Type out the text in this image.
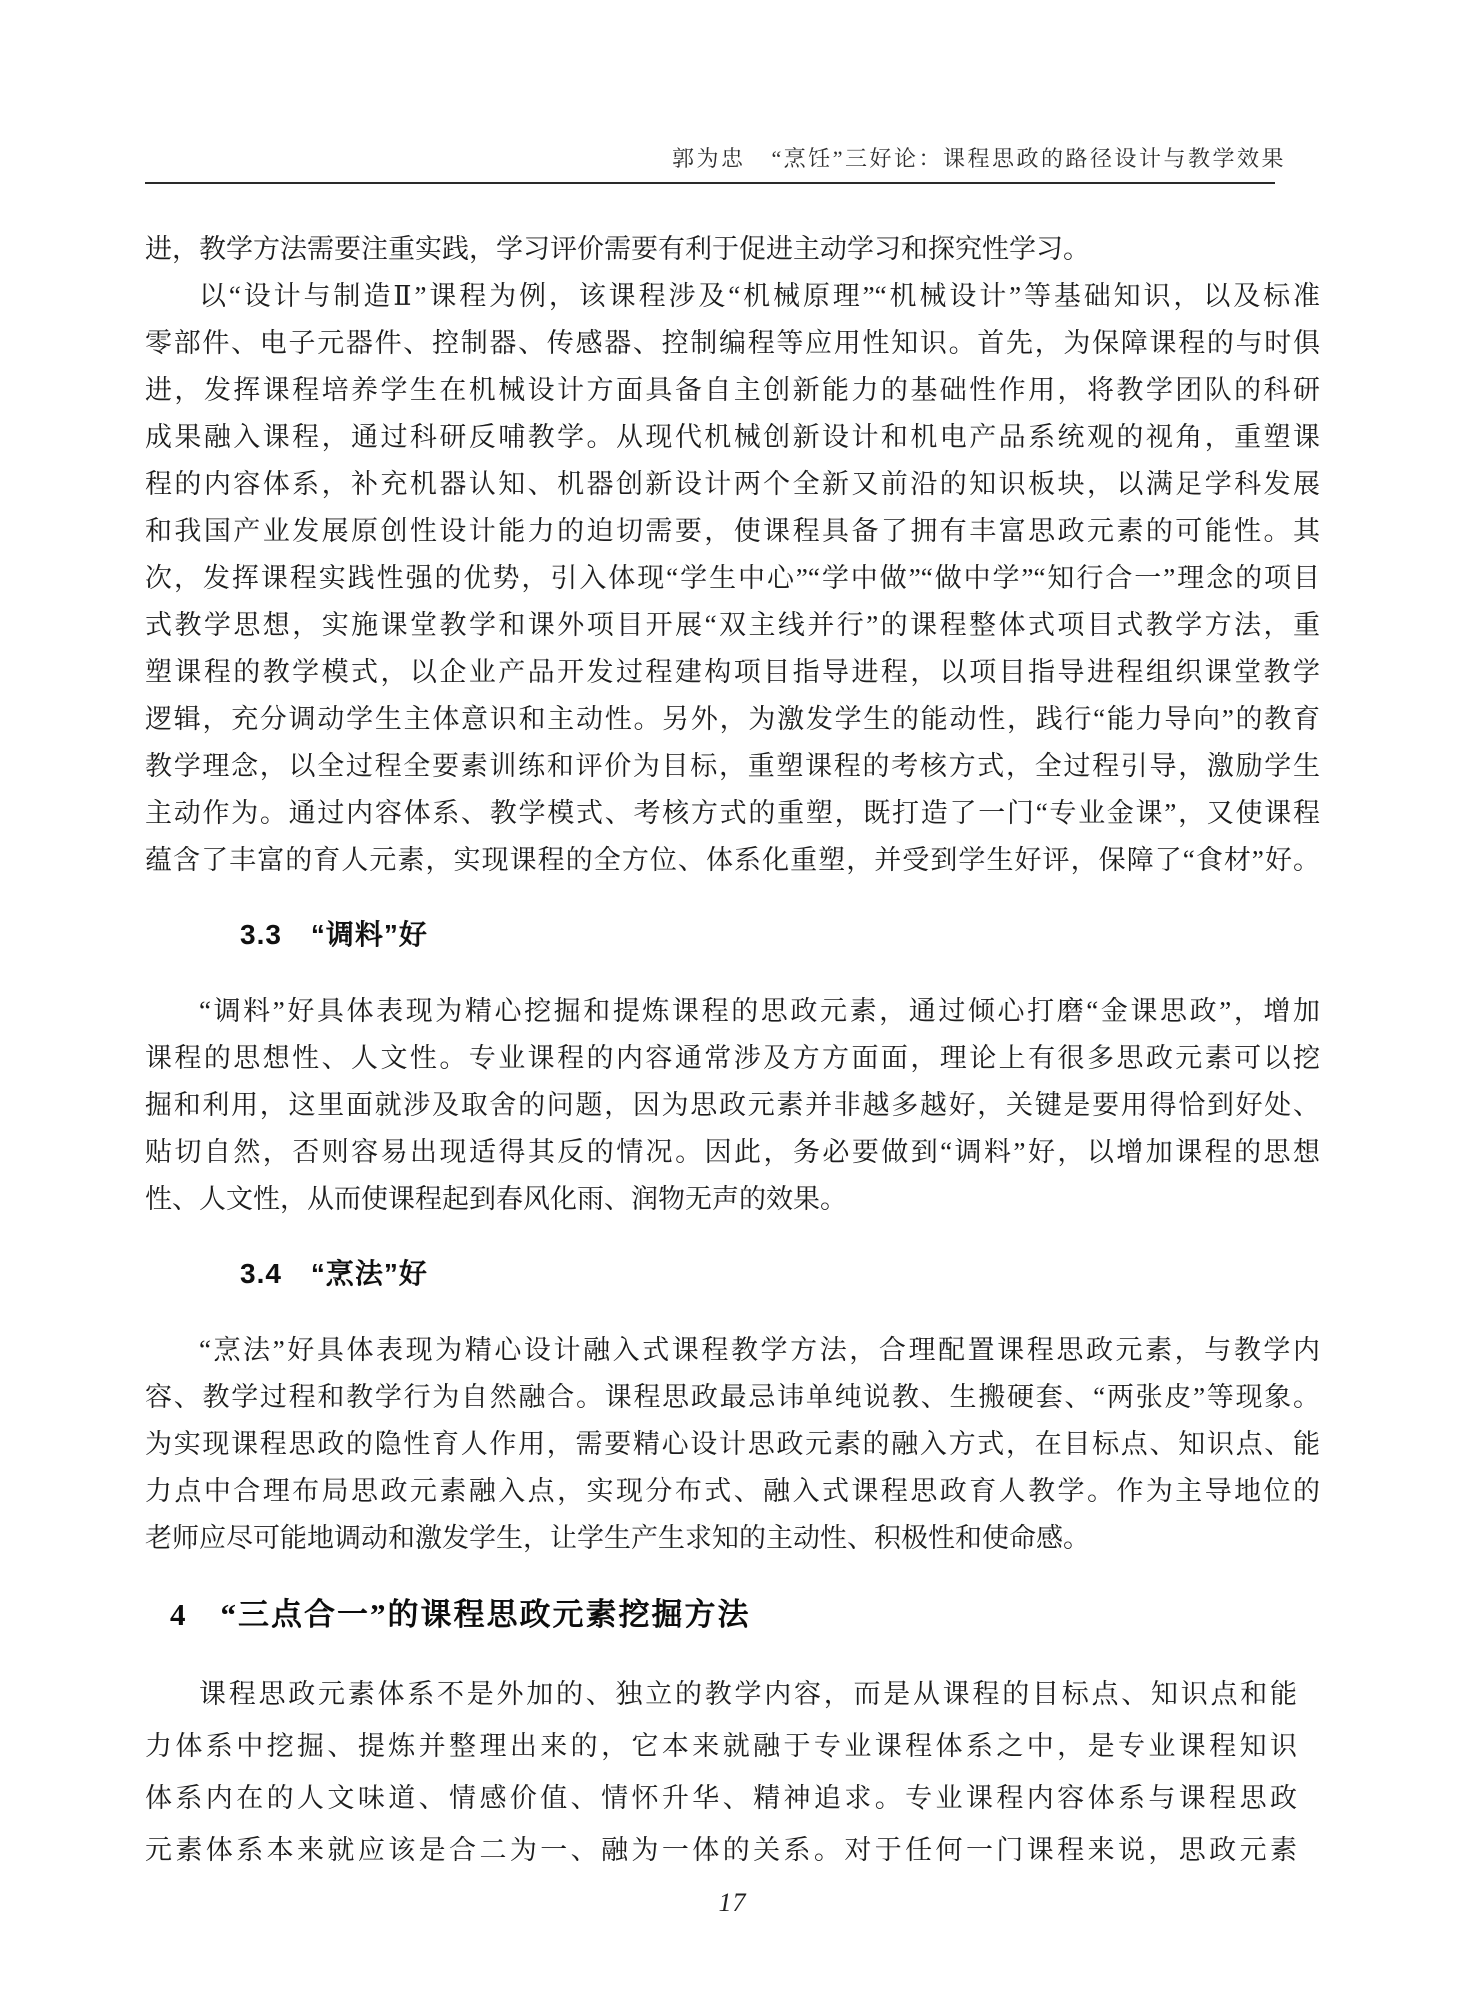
郭为忠 “烹饪”三好论：课程思政的路径设计与教学效果
进，教学方法需要注重实践，学习评价需要有利于促进主动学习和探究性学习。
以“设计与制造Ⅱ”课程为例，该课程涉及“机械原理”“机械设计”等基础知识，以及标准
零部件、电子元器件、控制器、传感器、控制编程等应用性知识。首先，为保障课程的与时俱
进，发挥课程培养学生在机械设计方面具备自主创新能力的基础性作用，将教学团队的科研
成果融入课程，通过科研反哺教学。从现代机械创新设计和机电产品系统观的视角，重塑课
程的内容体系，补充机器认知、机器创新设计两个全新又前沿的知识板块，以满足学科发展
和我国产业发展原创性设计能力的迫切需要，使课程具备了拥有丰富思政元素的可能性。其
次，发挥课程实践性强的优势，引入体现“学生中心”“学中做”“做中学”“知行合一”理念的项目
式教学思想，实施课堂教学和课外项目开展“双主线并行”的课程整体式项目式教学方法，重
塑课程的教学模式，以企业产品开发过程建构项目指导进程，以项目指导进程组织课堂教学
逻辑，充分调动学生主体意识和主动性。另外，为激发学生的能动性，践行“能力导向”的教育
教学理念，以全过程全要素训练和评价为目标，重塑课程的考核方式，全过程引导，激励学生
主动作为。通过内容体系、教学模式、考核方式的重塑，既打造了一门“专业金课”，又使课程
蕴含了丰富的育人元素，实现课程的全方位、体系化重塑，并受到学生好评，保障了“食材”好。
3.3　“调料”好
“调料”好具体表现为精心挖掘和提炼课程的思政元素，通过倾心打磨“金课思政”，增加
课程的思想性、人文性。专业课程的内容通常涉及方方面面，理论上有很多思政元素可以挖
掘和利用，这里面就涉及取舍的问题，因为思政元素并非越多越好，关键是要用得恰到好处、
贴切自然，否则容易出现适得其反的情况。因此，务必要做到“调料”好，以增加课程的思想
性、人文性，从而使课程起到春风化雨、润物无声的效果。
3.4　“烹法”好
“烹法”好具体表现为精心设计融入式课程教学方法，合理配置课程思政元素，与教学内
容、教学过程和教学行为自然融合。课程思政最忌讳单纯说教、生搬硬套、“两张皮”等现象。
为实现课程思政的隐性育人作用，需要精心设计思政元素的融入方式，在目标点、知识点、能
力点中合理布局思政元素融入点，实现分布式、融入式课程思政育人教学。作为主导地位的
老师应尽可能地调动和激发学生，让学生产生求知的主动性、积极性和使命感。
4　“三点合一”的课程思政元素挖掘方法
课程思政元素体系不是外加的、独立的教学内容，而是从课程的目标点、知识点和能
力体系中挖掘、提炼并整理出来的，它本来就融于专业课程体系之中，是专业课程知识
体系内在的人文味道、情感价值、情怀升华、精神追求。专业课程内容体系与课程思政
元素体系本来就应该是合二为一、融为一体的关系。对于任何一门课程来说，思政元素
17
